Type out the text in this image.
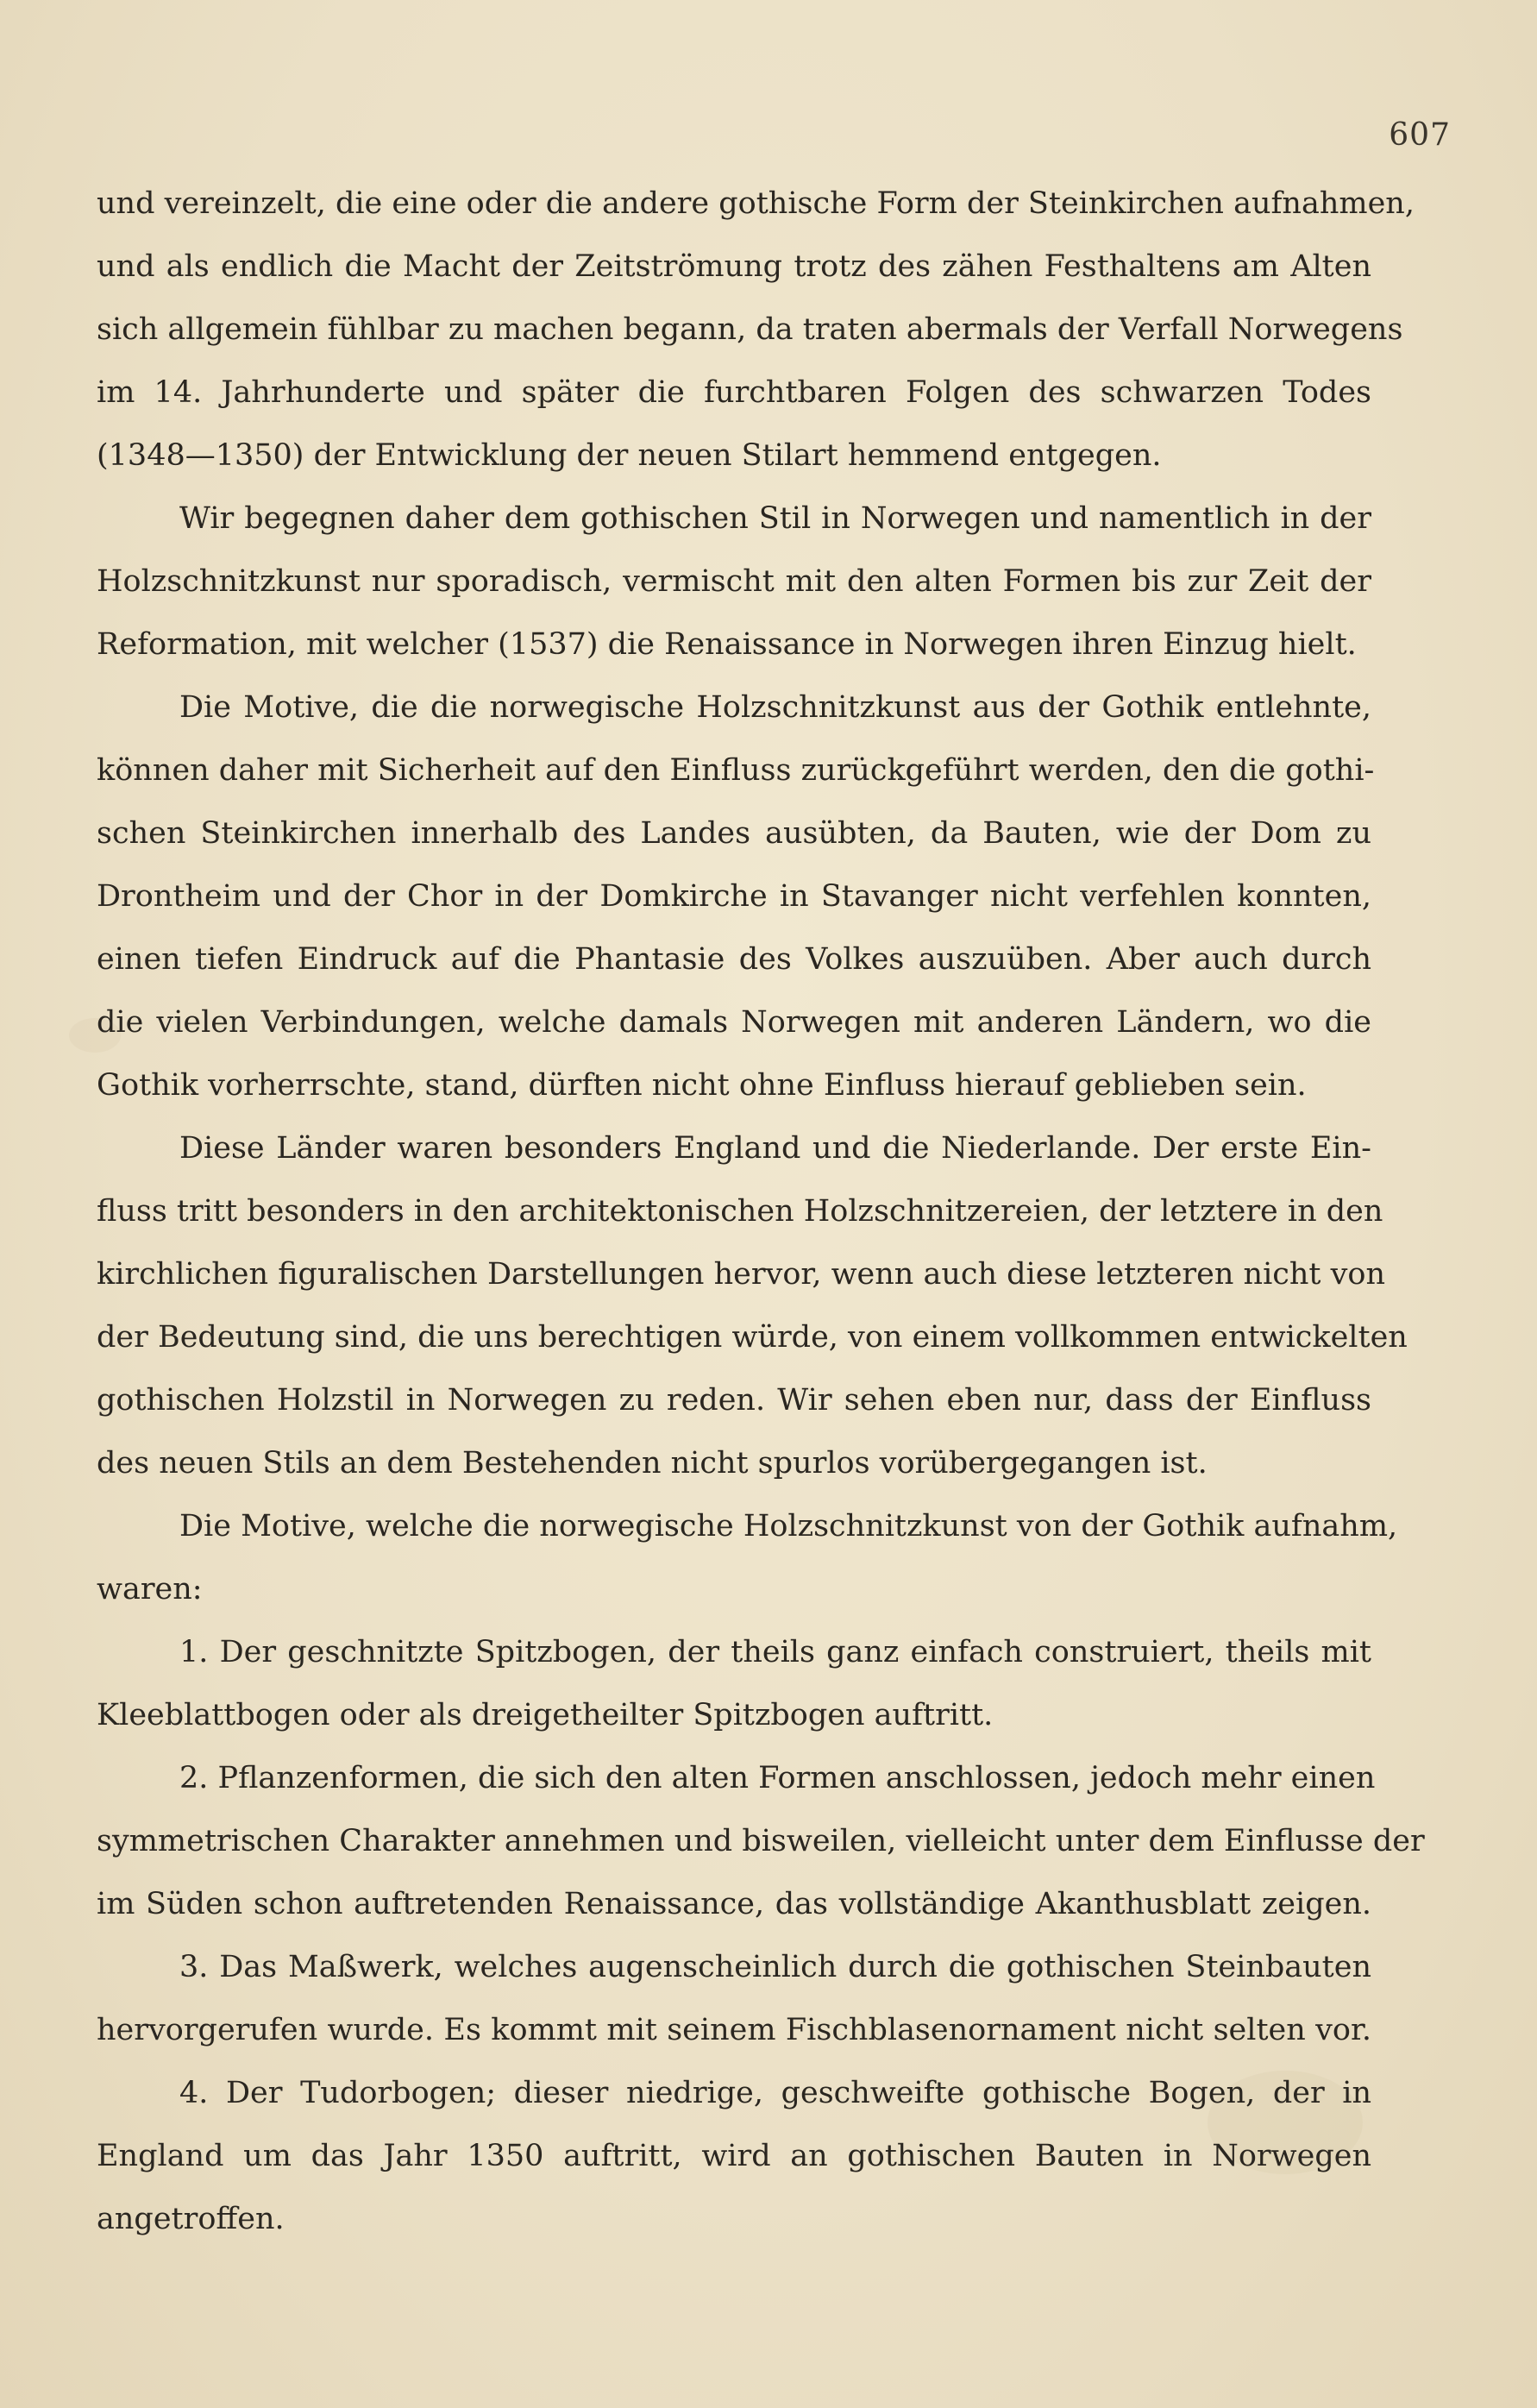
607
und vereinzelt, die eine oder die andere gothische Form der Steinkirchen aufnahmen,
und als endlich die Macht der Zeitströmung trotz des zähen Festhaltens am Alten
sich allgemein fühlbar zu machen begann, da traten abermals der Verfall Norwegens
im 14. Jahrhunderte und später die furchtbaren Folgen des schwarzen Todes
(1348—1350) der Entwicklung der neuen Stilart hemmend entgegen.
Wir begegnen daher dem gothischen Stil in Norwegen und namentlich in der
Holzschnitzkunst nur sporadisch, vermischt mit den alten Formen bis zur Zeit der
Reformation, mit welcher (1537) die Renaissance in Norwegen ihren Einzug hielt.
Die Motive, die die norwegische Holzschnitzkunst aus der Gothik entlehnte,
können daher mit Sicherheit auf den Einfluss zurückgeführt werden, den die gothi-
schen Steinkirchen innerhalb des Landes ausübten, da Bauten, wie der Dom zu
Drontheim und der Chor in der Domkirche in Stavanger nicht verfehlen konnten,
einen tiefen Eindruck auf die Phantasie des Volkes auszuüben. Aber auch durch
die vielen Verbindungen, welche damals Norwegen mit anderen Ländern, wo die
Gothik vorherrschte, stand, dürften nicht ohne Einfluss hierauf geblieben sein.
Diese Länder waren besonders England und die Niederlande. Der erste Ein-
fluss tritt besonders in den architektonischen Holzschnitzereien, der letztere in den
kirchlichen figuralischen Darstellungen hervor, wenn auch diese letzteren nicht von
der Bedeutung sind, die uns berechtigen würde, von einem vollkommen entwickelten
gothischen Holzstil in Norwegen zu reden. Wir sehen eben nur, dass der Einfluss
des neuen Stils an dem Bestehenden nicht spurlos vorübergegangen ist.
Die Motive, welche die norwegische Holzschnitzkunst von der Gothik aufnahm,
waren:
1. Der geschnitzte Spitzbogen, der theils ganz einfach construiert, theils mit
Kleeblattbogen oder als dreigetheilter Spitzbogen auftritt.
2. Pflanzenformen, die sich den alten Formen anschlossen, jedoch mehr einen
symmetrischen Charakter annehmen und bisweilen, vielleicht unter dem Einflusse der
im Süden schon auftretenden Renaissance, das vollständige Akanthusblatt zeigen.
3. Das Maßwerk, welches augenscheinlich durch die gothischen Steinbauten
hervorgerufen wurde. Es kommt mit seinem Fischblasenornament nicht selten vor.
4. Der Tudorbogen; dieser niedrige, geschweifte gothische Bogen, der in
England um das Jahr 1350 auftritt, wird an gothischen Bauten in Norwegen
angetroffen.
